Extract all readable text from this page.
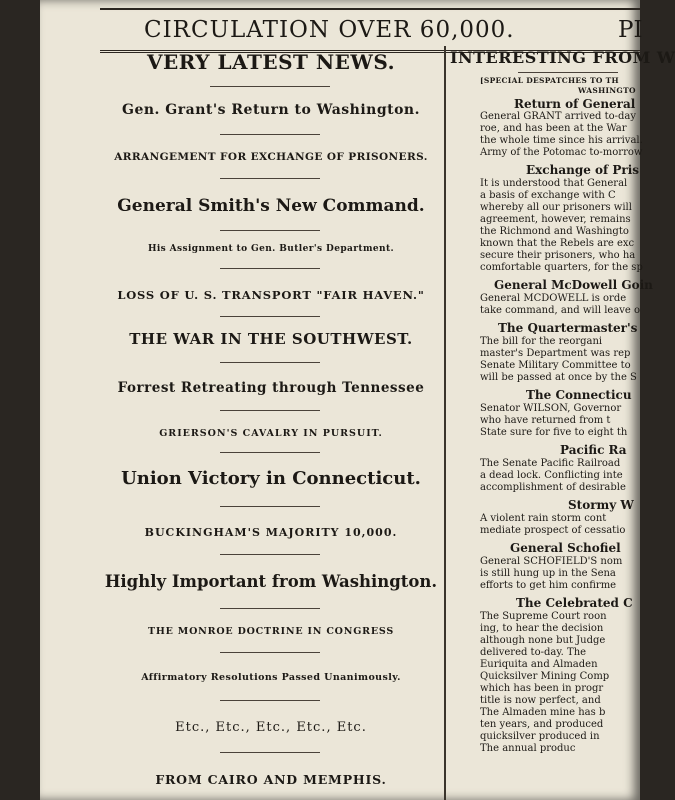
CIRCULATION OVER 60,000.	PI
VERY LATEST NEWS.
Gen. Grant's Return to Washington.
ARRANGEMENT FOR EXCHANGE OF PRISONERS.
General Smith's New Command.
His Assignment to Gen. Butler's Department.
LOSS OF U. S. TRANSPORT "FAIR HAVEN."
THE WAR IN THE SOUTHWEST.
Forrest Retreating through Tennessee
GRIERSON'S CAVALRY IN PURSUIT.
Union Victory in Connecticut.
BUCKINGHAM'S MAJORITY 10,000.
Highly Important from Washington.
THE MONROE DOCTRINE IN CONGRESS
Affirmatory Resolutions Passed Unanimously.
Etc., Etc., Etc., Etc., Etc.
FROM CAIRO AND MEMPHIS.
INTERESTING FROM W
[SPECIAL DESPATCHES TO TH
WASHINGTO
Return of General
General GRANT arrived to-day
roe, and has been at the War
the whole time since his arrival.
Army of the Potomac to-morrow
Exchange of Pris
It is understood that General
a basis of exchange with C
whereby all our prisoners will
agreement, however, remains
the Richmond and Washingto
known that the Rebels are exc
secure their prisoners, who ha
comfortable quarters, for the sp
General McDowell Goin
General MCDOWELL is orde
take command, and will leave o
The Quartermaster's
The bill for the reorgani
master's Department was rep
Senate Military Committee to
will be passed at once by the S
The Connecticu
Senator WILSON, Governor
who have returned from t
State sure for five to eight th
Pacific Ra
The Senate Pacific Railroad
a dead lock. Conflicting inte
accomplishment of desirable
Stormy W
A violent rain storm cont
mediate prospect of cessatio
General Schofiel
General SCHOFIELD'S nom
is still hung up in the Sena
efforts to get him confirme
The Celebrated C
The Supreme Court roon
ing, to hear the decision
although none but Judge
delivered to-day. The
Euriquita and Almaden
Quicksilver Mining Comp
which has been in progr
title is now perfect, and
The Almaden mine has b
ten years, and produced
quicksilver produced in
The annual produc
